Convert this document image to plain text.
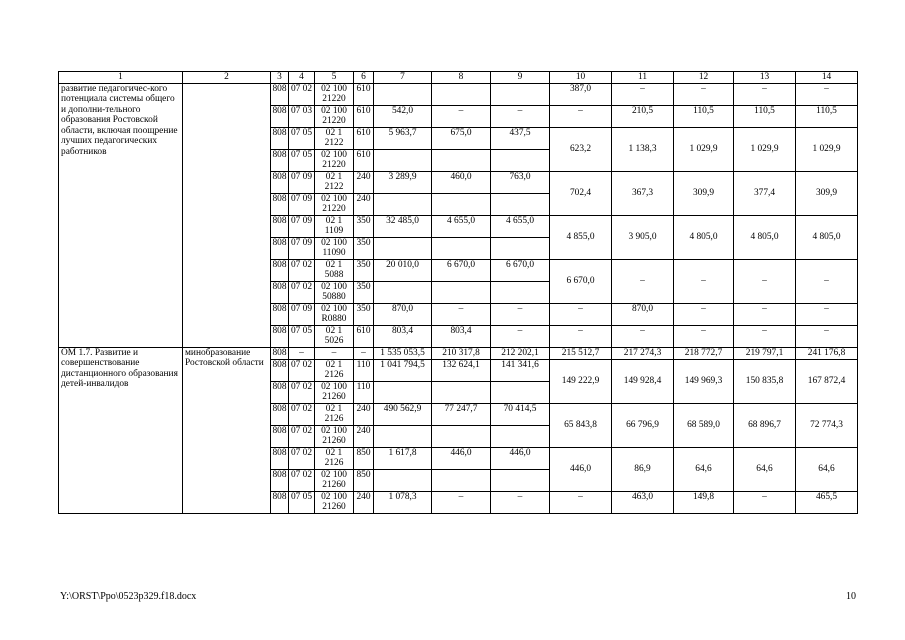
1	2	3	4	5	6	7	8	9	10	11	12	13	14
развитие педагогичес-кого потенциала системы общего и дополни-тельного образования Ростовской области, включая поощрение лучших педагогических работников		808	07 02	02 100 21220	610				387,0	–	–	–	–
		808	07 03	02 100 21220	610	542,0	–	–	–	210,5	110,5	110,5	110,5
		808	07 05	02 1 2122	610	5 963,7	675,0	437,5	623,2	1 138,3	1 029,9	1 029,9	1 029,9
		808	07 05	02 100 21220	610								
		808	07 09	02 1 2122	240	3 289,9	460,0	763,0	702,4	367,3	309,9	377,4	309,9
		808	07 09	02 100 21220	240								
		808	07 09	02 1 1109	350	32 485,0	4 655,0	4 655,0	4 855,0	3 905,0	4 805,0	4 805,0	4 805,0
		808	07 09	02 100 11090	350								
		808	07 02	02 1 5088	350	20 010,0	6 670,0	6 670,0	6 670,0	–	–	–	–
		808	07 02	02 100 50880	350								
		808	07 09	02 100 R0880	350	870,0	–	–	–	870,0	–	–	–
		808	07 05	02 1 5026	610	803,4	803,4	–	–	–	–	–	–
ОМ 1.7. Развитие и совершенствование дистанционного образования детей-инвалидов	минобразование Ростовской области	808	–	–	–	1 535 053,5	210 317,8	212 202,1	215 512,7	217 274,3	218 772,7	219 797,1	241 176,8
		808	07 02	02 1 2126	110	1 041 794,5	132 624,1	141 341,6	149 222,9	149 928,4	149 969,3	150 835,8	167 872,4
		808	07 02	02 100 21260	110								
		808	07 02	02 1 2126	240	490 562,9	77 247,7	70 414,5	65 843,8	66 796,9	68 589,0	68 896,7	72 774,3
		808	07 02	02 100 21260	240								
		808	07 02	02 1 2126	850	1 617,8	446,0	446,0	446,0	86,9	64,6	64,6	64,6
		808	07 02	02 100 21260	850								
		808	07 05	02 100 21260	240	1 078,3	–	–	–	463,0	149,8	–	465,5
Y:\ORST\Ppo\0523p329.f18.docx	10
